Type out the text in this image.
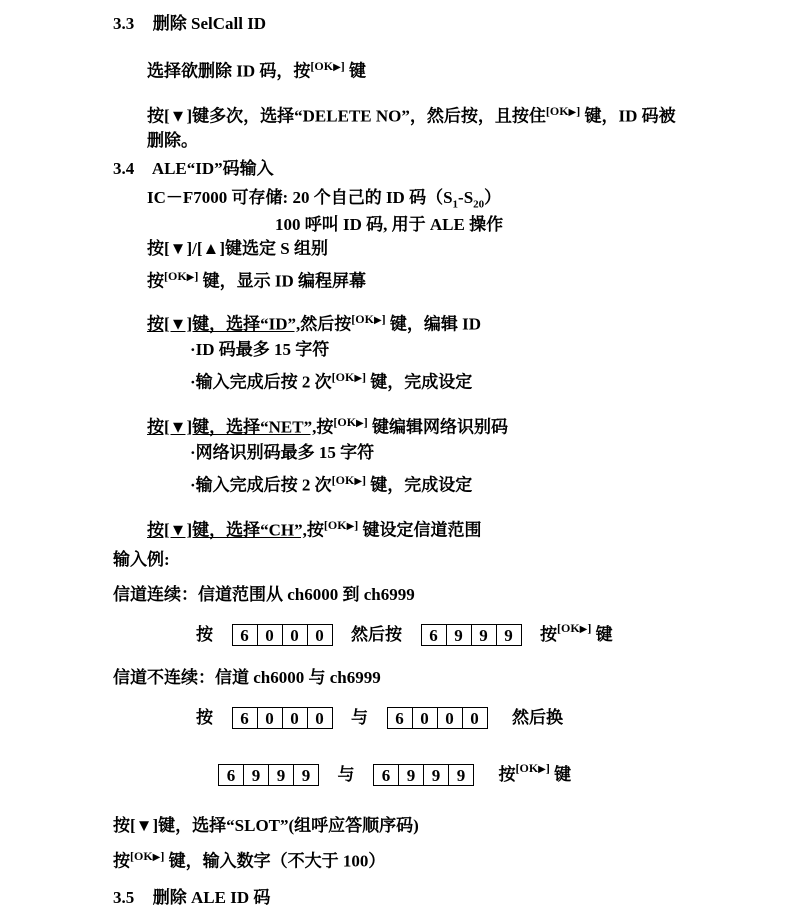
3.3 删除 SelCall ID
选择欲删除 ID 码，按[OK▶] 键
按[▼]键多次，选择“DELETE NO”，然后按，且按住[OK▶] 键，ID 码被
删除。
3.4 ALE“ID”码输入
IC－F7000 可存储: 20 个自己的 ID 码$(S_1-S_{20})$
100 呼叫 ID 码, 用于 ALE 操作
按[▼]/[▲]键选定 S 组别
按[OK▶] 键，显示 ID 编程屏幕
按[▼]键，选择“ID”,然后按[OK▶] 键，编辑 ID
·ID 码最多 15 字符
·输入完成后按 2 次[OK▶] 键，完成设定
按[▼]键，选择“NET”,按[OK▶] 键编辑网络识别码
·网络识别码最多 15 字符
·输入完成后按 2 次[OK▶] 键，完成设定
按[▼]键，选择“CH”,按[OK▶] 键设定信道范围
输入例:
信道连续：信道范围从 ch6000 到 ch6999
按 6 0 0 0 然后按 6 9 9 9 按[OK▶] 键
信道不连续：信道 ch6000 与 ch6999
按 6 0 0 0 与 6 0 0 0 然后换
6 9 9 9 与 6 9 9 9 按[OK▶] 键
按[▼]键，选择“SLOT”(组呼应答顺序码)
按[OK▶] 键，输入数字（不大于 100）
3.5 删除 ALE ID 码
